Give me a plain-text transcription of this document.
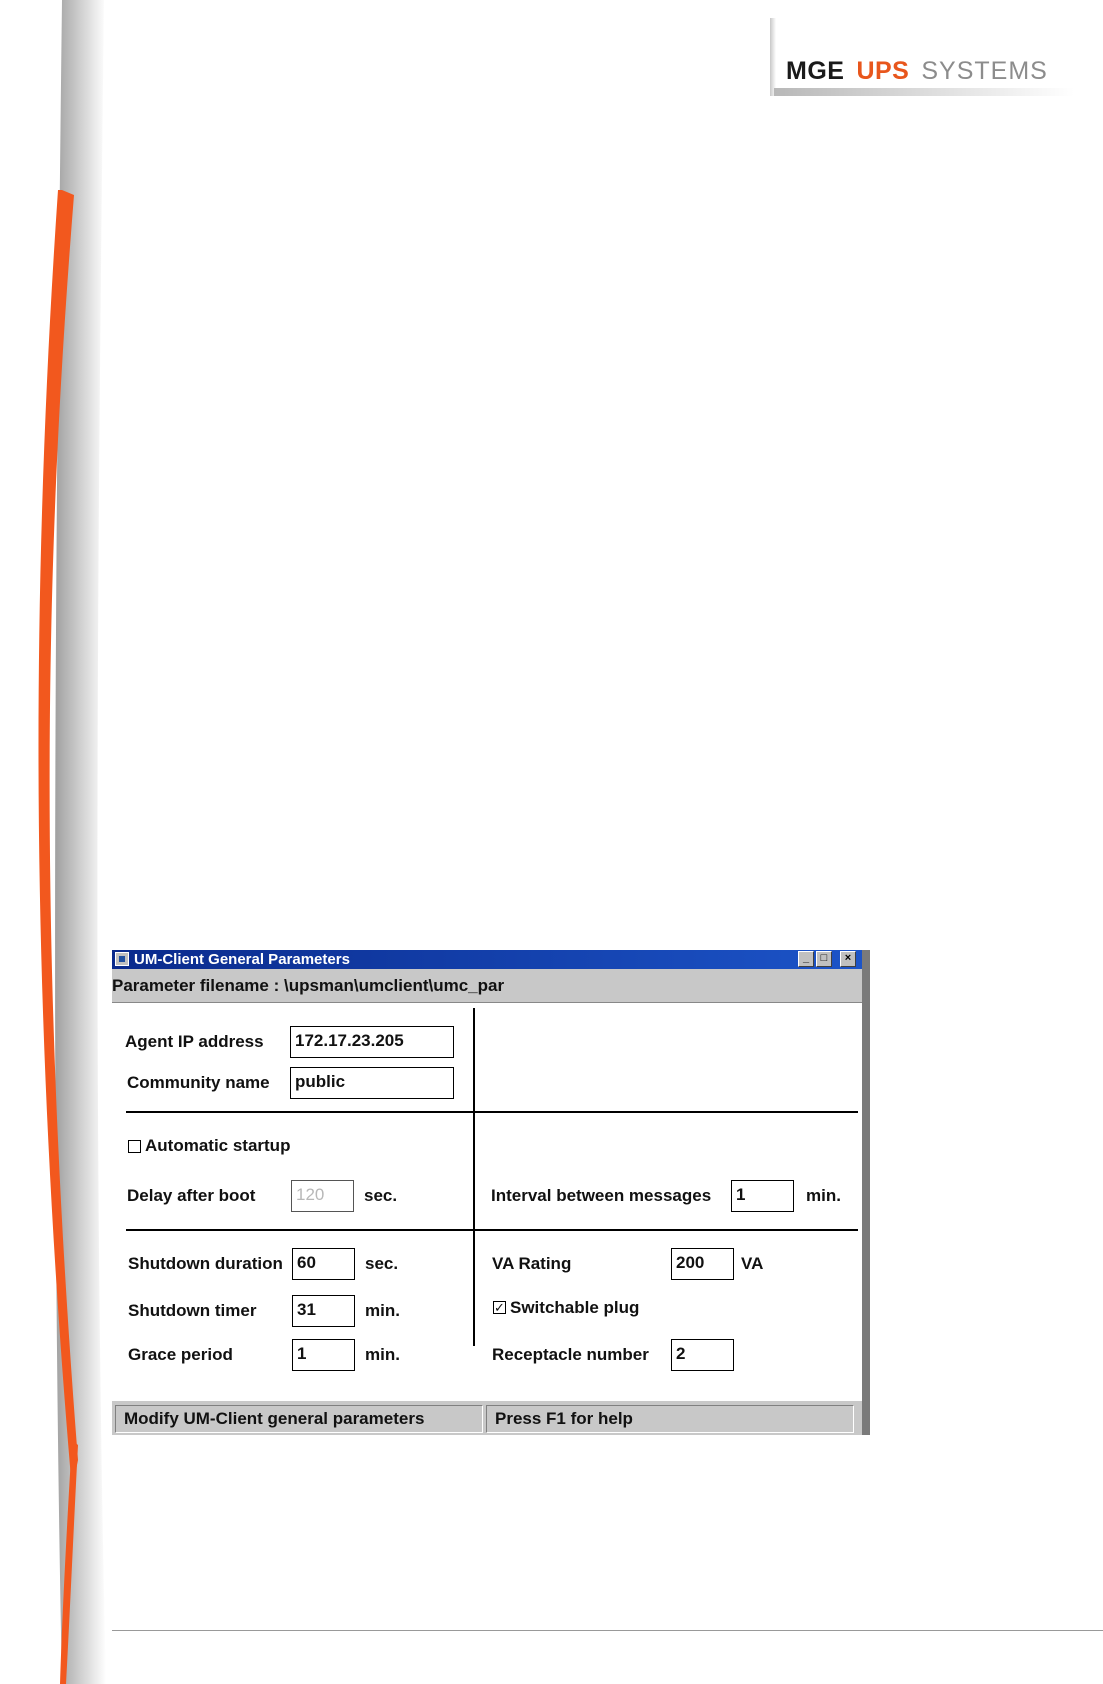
MGE UPS SYSTEMS
UM-Client General Parameters	_	□	×
Parameter filename : \upsman\umclient\umc_par
Agent IP address 172.17.23.205
Community name public
Automatic startup
Delay after boot 120	sec.	Interval between messages 1	min.
Shutdown duration 60	sec.
Shutdown timer 31	min.
Grace period	1	min.
VA Rating	200	VA
✓ Switchable plug
Receptacle number 2
Modify UM-Client general parameters	Press F1 for help
